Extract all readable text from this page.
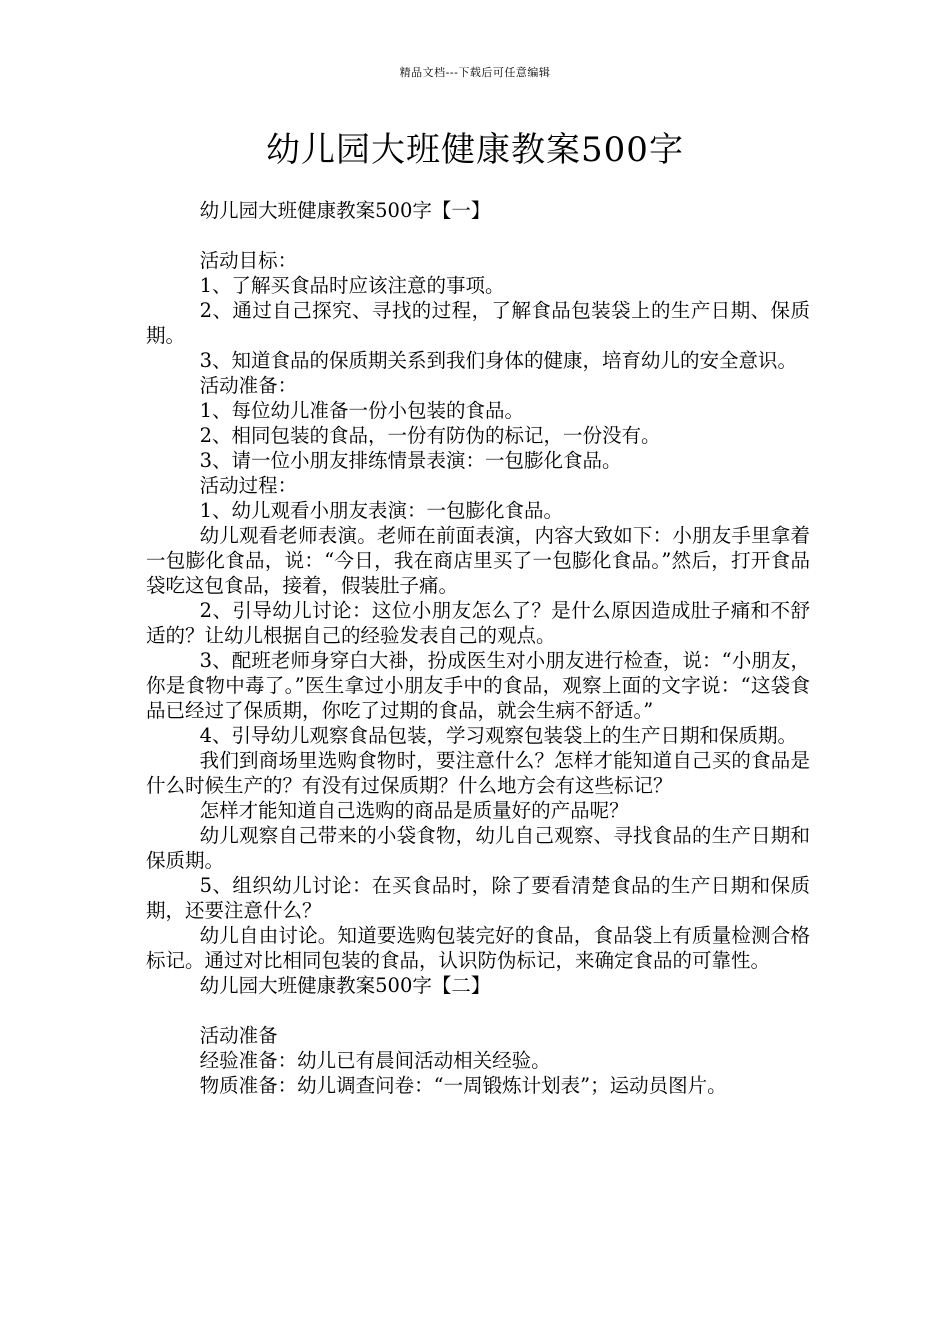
精品文档---下载后可任意编辑
幼儿园大班健康教案500字

幼儿园大班健康教案500字【一】

活动目标：

1、了解买食品时应该注意的事项。

2、通过自己探究、寻找的过程，了解食品包装袋上的生产日期、保质期。

3、知道食品的保质期关系到我们身体的健康，培育幼儿的安全意识。

活动准备：

1、每位幼儿准备一份小包装的食品。

2、相同包装的食品，一份有防伪的标记，一份没有。

3、请一位小朋友排练情景表演：一包膨化食品。

活动过程：

1、幼儿观看小朋友表演：一包膨化食品。

幼儿观看老师表演。老师在前面表演，内容大致如下：小朋友手里拿着一包膨化食品，说：“今日，我在商店里买了一包膨化食品。”然后，打开食品袋吃这包食品，接着，假装肚子痛。

2、引导幼儿讨论：这位小朋友怎么了？是什么原因造成肚子痛和不舒适的？让幼儿根据自己的经验发表自己的观点。

3、配班老师身穿白大褂，扮成医生对小朋友进行检查，说：“小朋友，你是食物中毒了。”医生拿过小朋友手中的食品，观察上面的文字说：“这袋食品已经过了保质期，你吃了过期的食品，就会生病不舒适。”

4、引导幼儿观察食品包装，学习观察包装袋上的生产日期和保质期。

我们到商场里选购食物时，要注意什么？怎样才能知道自己买的食品是什么时候生产的？有没有过保质期？什么地方会有这些标记？

怎样才能知道自己选购的商品是质量好的产品呢？

幼儿观察自己带来的小袋食物，幼儿自己观察、寻找食品的生产日期和保质期。

5、组织幼儿讨论：在买食品时，除了要看清楚食品的生产日期和保质期，还要注意什么？

幼儿自由讨论。知道要选购包装完好的食品，食品袋上有质量检测合格标记。通过对比相同包装的食品，认识防伪标记，来确定食品的可靠性。

幼儿园大班健康教案500字【二】

活动准备

经验准备：幼儿已有晨间活动相关经验。

物质准备：幼儿调查问卷：“一周锻炼计划表”；运动员图片。
